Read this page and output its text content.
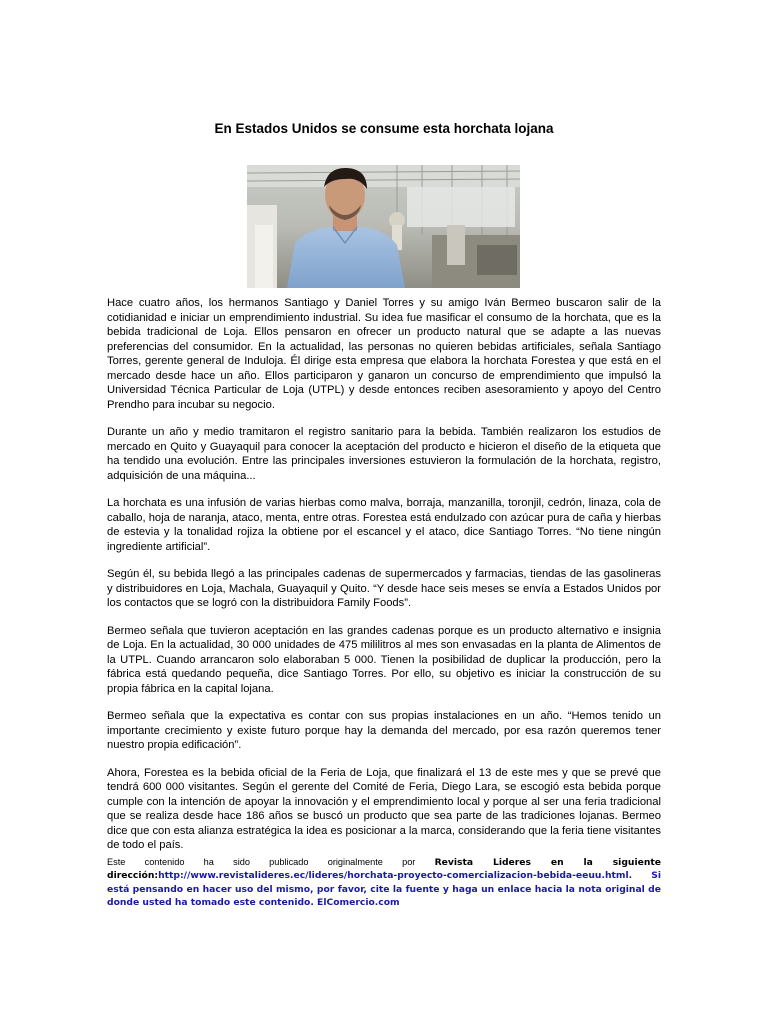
En Estados Unidos se consume esta horchata lojana

Hace cuatro años, los hermanos Santiago y Daniel Torres y su amigo Iván Bermeo buscaron salir de la cotidianidad e iniciar un emprendimiento industrial. Su idea fue masificar el consumo de la horchata, que es la bebida tradicional de Loja. Ellos pensaron en ofrecer un producto natural que se adapte a las nuevas preferencias del consumidor. En la actualidad, las personas no quieren bebidas artificiales, señala Santiago Torres, gerente general de Induloja. Él dirige esta empresa que elabora la horchata Forestea y que está en el mercado desde hace un año. Ellos participaron y ganaron un concurso de emprendimiento que impulsó la Universidad Técnica Particular de Loja (UTPL) y desde entonces reciben asesoramiento y apoyo del Centro Prendho para incubar su negocio.

Durante un año y medio tramitaron el registro sanitario para la bebida. También realizaron los estudios de mercado en Quito y Guayaquil para conocer la aceptación del producto e hicieron el diseño de la etiqueta que ha tendido una evolución. Entre las principales inversiones estuvieron la formulación de la horchata, registro, adquisición de una máquina...

La horchata es una infusión de varias hierbas como malva, borraja, manzanilla, toronjil, cedrón, linaza, cola de caballo, hoja de naranja, ataco, menta, entre otras. Forestea está endulzado con azúcar pura de caña y hierbas de estevia y la tonalidad rojiza la obtiene por el escancel y el ataco, dice Santiago Torres. “No tiene ningún ingrediente artificial”.

Según él, su bebida llegó a las principales cadenas de supermercados y farmacias, tiendas de las gasolineras y distribuidores en Loja, Machala, Guayaquil y Quito. “Y desde hace seis meses se envía a Estados Unidos por los contactos que se logró con la distribuidora Family Foods”.

Bermeo señala que tuvieron aceptación en las grandes cadenas porque es un producto alternativo e insignia de Loja. En la actualidad, 30 000 unidades de 475 mililitros al mes son envasadas en la planta de Alimentos de la UTPL. Cuando arrancaron solo elaboraban 5 000. Tienen la posibilidad de duplicar la producción, pero la fábrica está quedando pequeña, dice Santiago Torres. Por ello, su objetivo es iniciar la construcción de su propia fábrica en la capital lojana.

Bermeo señala que la expectativa es contar con sus propias instalaciones en un año. “Hemos tenido un importante crecimiento y existe futuro porque hay la demanda del mercado, por esa razón queremos tener nuestro propia edificación”.

Ahora, Forestea es la bebida oficial de la Feria de Loja, que finalizará el 13 de este mes y que se prevé que tendrá 600 000 visitantes. Según el gerente del Comité de Feria, Diego Lara, se escogió esta bebida porque cumple con la intención de apoyar la innovación y el emprendimiento local y porque al ser una feria tradicional que se realiza desde hace 186 años se buscó un producto que sea parte de las tradiciones lojanas. Bermeo dice que con esta alianza estratégica la idea es posicionar a la marca, considerando que la feria tiene visitantes de todo el país.

Este contenido ha sido publicado originalmente por Revista Lideres en la siguiente dirección:http://www.revistalideres.ec/lideres/horchata-proyecto-comercializacion-bebida-eeuu.html. Si está pensando en hacer uso del mismo, por favor, cite la fuente y haga un enlace hacia la nota original de donde usted ha tomado este contenido. ElComercio.com
